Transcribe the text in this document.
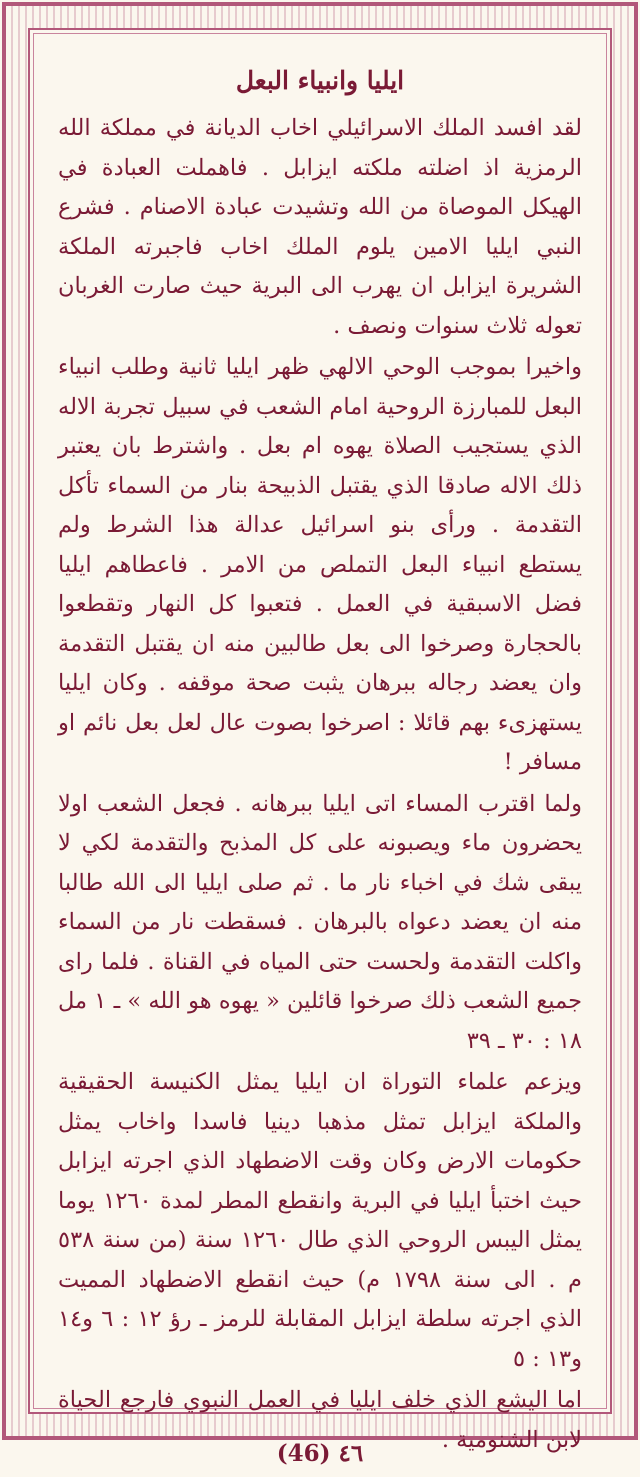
ايليا وانبياء البعل

لقد افسد الملك الاسرائيلي اخاب الديانة في مملكة الله الرمزية اذ اضلته ملكته ايزابل . فاهملت العبادة في الهيكل الموصاة من الله وتشيدت عبادة الاصنام . فشرع النبي ايليا الامين يلوم الملك اخاب فاجبرته الملكة الشريرة ايزابل ان يهرب الى البرية حيث صارت الغربان تعوله ثلاث سنوات ونصف .

واخيرا بموجب الوحي الالهي ظهر ايليا ثانية وطلب انبياء البعل للمبارزة الروحية امام الشعب في سبيل تجربة الاله الذي يستجيب الصلاة يهوه ام بعل . واشترط بان يعتبر ذلك الاله صادقا الذي يقتبل الذبيحة بنار من السماء تأكل التقدمة . ورأى بنو اسرائيل عدالة هذا الشرط ولم يستطع انبياء البعل التملص من الامر . فاعطاهم ايليا فضل الاسبقية في العمل . فتعبوا كل النهار وتقطعوا بالحجارة وصرخوا الى بعل طالبين منه ان يقتبل التقدمة وان يعضد رجاله ببرهان يثبت صحة موقفه . وكان ايليا يستهزىء بهم قائلا : اصرخوا بصوت عال لعل بعل نائم او مسافر !

ولما اقترب المساء اتى ايليا ببرهانه . فجعل الشعب اولا يحضرون ماء ويصبونه على كل المذبح والتقدمة لكي لا يبقى شك في اخباء نار ما . ثم صلى ايليا الى الله طالبا منه ان يعضد دعواه بالبرهان . فسقطت نار من السماء واكلت التقدمة ولحست حتى المياه في القناة . فلما راى جميع الشعب ذلك صرخوا قائلين « يهوه هو الله » ـ ١ مل ١٨ : ٣٠ ـ ٣٩

ويزعم علماء التوراة ان ايليا يمثل الكنيسة الحقيقية والملكة ايزابل تمثل مذهبا دينيا فاسدا واخاب يمثل حكومات الارض وكان وقت الاضطهاد الذي اجرته ايزابل حيث اختبأ ايليا في البرية وانقطع المطر لمدة ١٢٦٠ يوما يمثل اليبس الروحي الذي طال ١٢٦٠ سنة (من سنة ٥٣٨ م . الى سنة ١٧٩٨ م) حيث انقطع الاضطهاد المميت الذي اجرته سلطة ايزابل المقابلة للرمز ـ رؤ ١٢ : ٦ و١٤ و١٣ : ٥

اما اليشع الذي خلف ايليا في العمل النبوي فارجع الحياة لابن الشنومية .

(46) ٤٦
